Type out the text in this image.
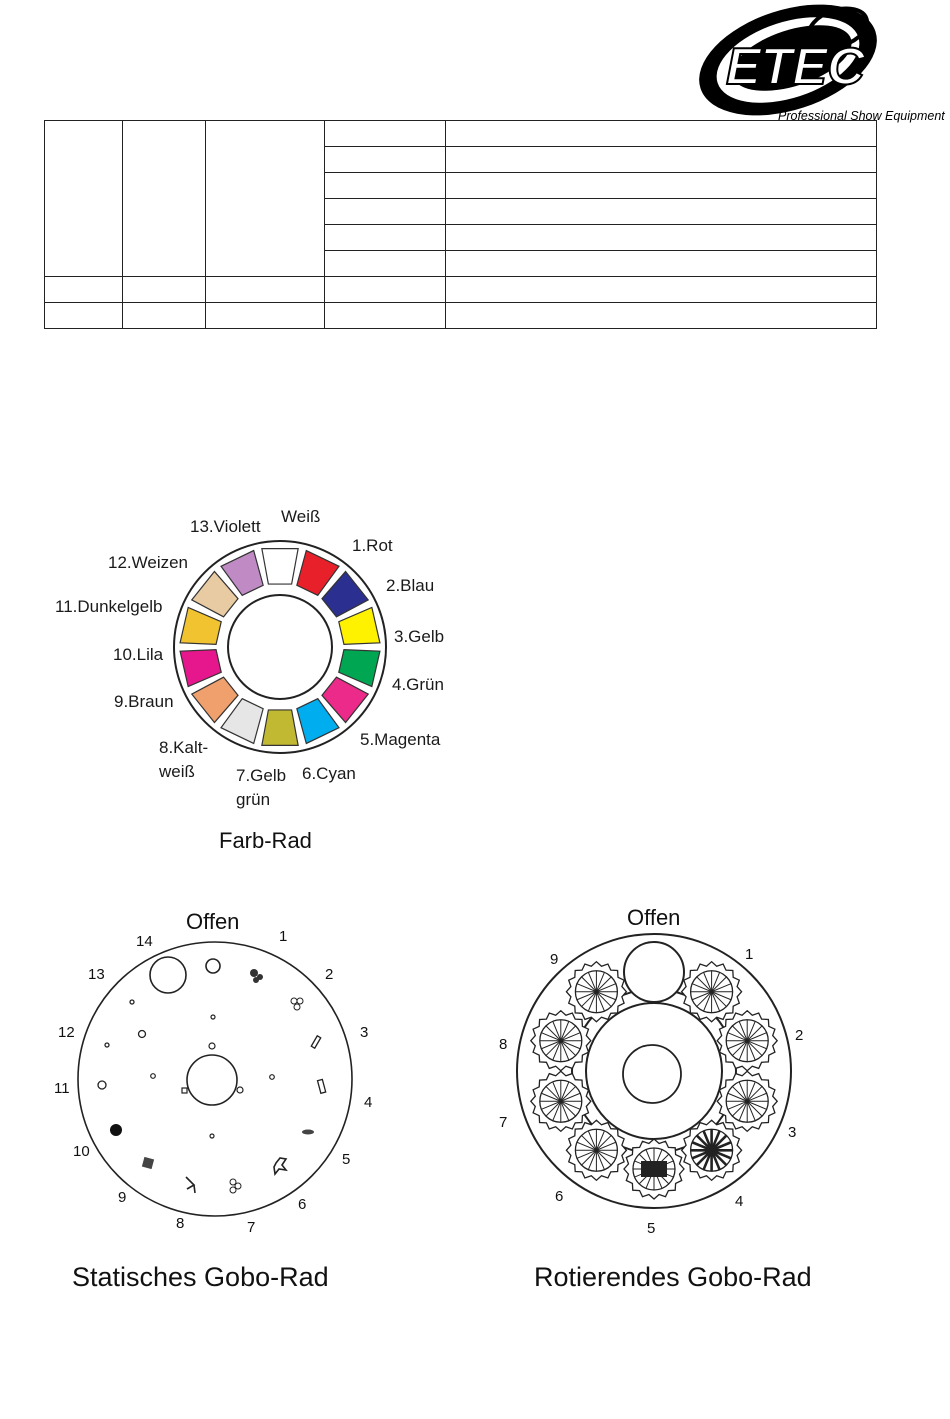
ETEC
Professional Show Equipment

Weiß
1.Rot
2.Blau
3.Gelb
4.Grün
5.Magenta
6.Cyan
7.Gelb
grün
8.Kalt-
weiß
9.Braun
10.Lila
11.Dunkelgelb
12.Weizen
13.Violett
Farb-Rad
Offen
1
2
3
4
5
6
7
8
9
10
11
12
13
14
Statisches Gobo-Rad
Offen
1
2
3
4
5
6
7
8
9
Rotierendes Gobo-Rad
